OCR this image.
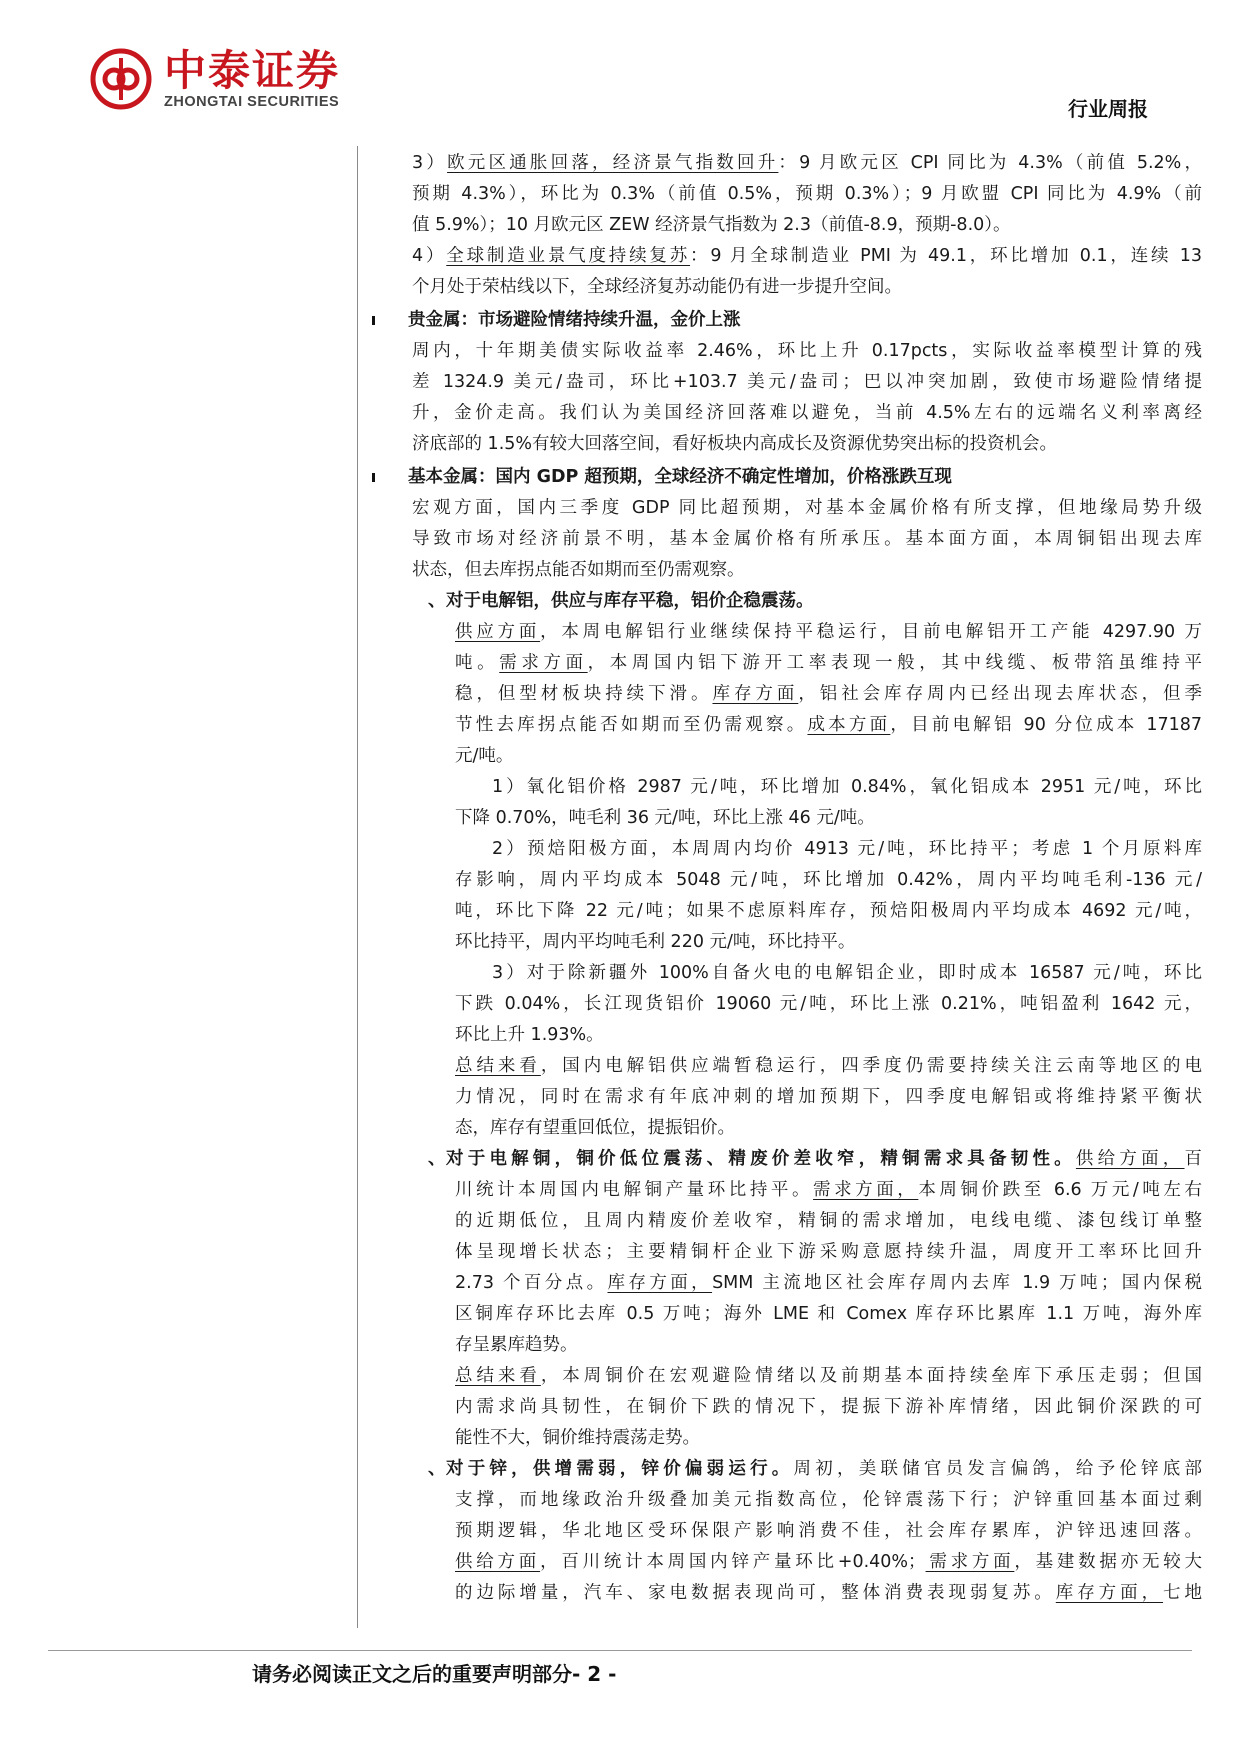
中泰证券
ZHONGTAI SECURITIES	行业周报
3）欧元区通胀回落，经济景气指数回升：9 月欧元区 CPI 同比为 4.3%（前值 5.2%，
预期 4.3%），环比为 0.3%（前值 0.5%，预期 0.3%）；9 月欧盟 CPI 同比为 4.9%（前
值 5.9%）；10 月欧元区 ZEW 经济景气指数为 2.3（前值-8.9，预期-8.0）。
4）全球制造业景气度持续复苏：9 月全球制造业 PMI 为 49.1，环比增加 0.1，连续 13
个月处于荣枯线以下，全球经济复苏动能仍有进一步提升空间。
贵金属：市场避险情绪持续升温，金价上涨
周内，十年期美债实际收益率 2.46%，环比上升 0.17pcts，实际收益率模型计算的残
差 1324.9 美元/盎司，环比+103.7 美元/盎司；巴以冲突加剧，致使市场避险情绪提
升，金价走高。我们认为美国经济回落难以避免，当前 4.5%左右的远端名义利率离经
济底部的 1.5%有较大回落空间，看好板块内高成长及资源优势突出标的投资机会。
基本金属：国内 GDP 超预期，全球经济不确定性增加，价格涨跌互现
宏观方面，国内三季度 GDP 同比超预期，对基本金属价格有所支撑，但地缘局势升级
导致市场对经济前景不明，基本金属价格有所承压。基本面方面，本周铜铝出现去库
状态，但去库拐点能否如期而至仍需观察。
、 对于电解铝，供应与库存平稳，铝价企稳震荡。
供应方面，本周电解铝行业继续保持平稳运行，目前电解铝开工产能 4297.90 万
吨。需求方面，本周国内铝下游开工率表现一般，其中线缆、板带箔虽维持平
稳，但型材板块持续下滑。库存方面，铝社会库存周内已经出现去库状态，但季
节性去库拐点能否如期而至仍需观察。成本方面，目前电解铝 90 分位成本 17187
元/吨。
1）氧化铝价格 2987 元/吨，环比增加 0.84%，氧化铝成本 2951 元/吨，环比
下降 0.70%，吨毛利 36 元/吨，环比上涨 46 元/吨。
2）预焙阳极方面，本周周内均价 4913 元/吨，环比持平；考虑 1 个月原料库
存影响，周内平均成本 5048 元/吨，环比增加 0.42%，周内平均吨毛利-136 元/
吨，环比下降 22 元/吨；如果不虑原料库存，预焙阳极周内平均成本 4692 元/吨，
环比持平，周内平均吨毛利 220 元/吨，环比持平。
3）对于除新疆外 100%自备火电的电解铝企业，即时成本 16587 元/吨，环比
下跌 0.04%，长江现货铝价 19060 元/吨，环比上涨 0.21%，吨铝盈利 1642 元，
环比上升 1.93%。
总结来看，国内电解铝供应端暂稳运行，四季度仍需要持续关注云南等地区的电
力情况，同时在需求有年底冲刺的增加预期下，四季度电解铝或将维持紧平衡状
态，库存有望重回低位，提振铝价。
、 对于电解铜，铜价低位震荡、精废价差收窄，精铜需求具备韧性。供给方面，百
川统计本周国内电解铜产量环比持平。需求方面，本周铜价跌至 6.6 万元/吨左右
的近期低位，且周内精废价差收窄，精铜的需求增加，电线电缆、漆包线订单整
体呈现增长状态；主要精铜杆企业下游采购意愿持续升温，周度开工率环比回升
2.73 个百分点。库存方面，SMM 主流地区社会库存周内去库 1.9 万吨；国内保税
区铜库存环比去库 0.5 万吨；海外 LME 和 Comex 库存环比累库 1.1 万吨，海外库
存呈累库趋势。
总结来看，本周铜价在宏观避险情绪以及前期基本面持续垒库下承压走弱；但国
内需求尚具韧性，在铜价下跌的情况下，提振下游补库情绪，因此铜价深跌的可
能性不大，铜价维持震荡走势。
、 对于锌，供增需弱，锌价偏弱运行。周初，美联储官员发言偏鸽，给予伦锌底部
支撑，而地缘政治升级叠加美元指数高位，伦锌震荡下行；沪锌重回基本面过剩
预期逻辑，华北地区受环保限产影响消费不佳，社会库存累库，沪锌迅速回落。
供给方面，百川统计本周国内锌产量环比+0.40%；需求方面，基建数据亦无较大
的边际增量，汽车、家电数据表现尚可，整体消费表现弱复苏。库存方面，七地
请务必阅读正文之后的重要声明部分- 2 -
